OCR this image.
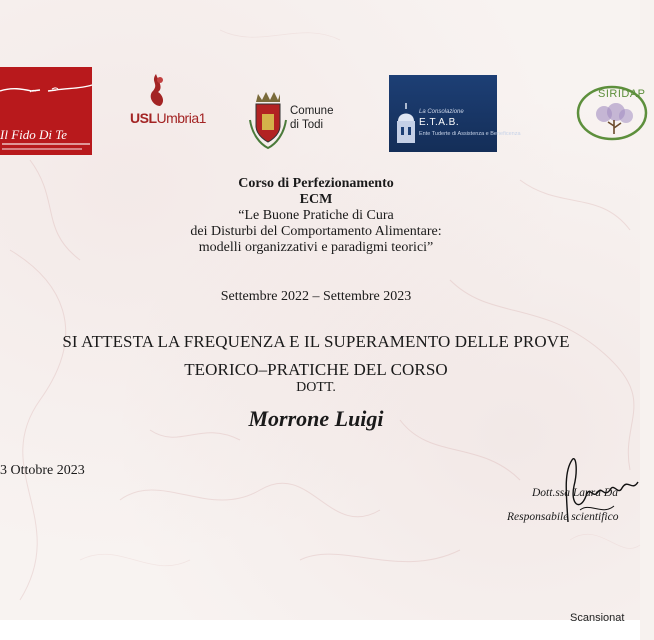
Il Fido Di Te
USLUmbria1	Comune
di Todi
La Consolazione
E.T.A.B.
Ente Tuderte di Assistenza e Beneficenza
SIRIDAP
Corso di Perfezionamento
ECM
“Le Buone Pratiche di Cura
dei Disturbi del Comportamento Alimentare:
modelli organizzativi e paradigmi teorici”
Settembre 2022 – Settembre 2023
SI ATTESTA LA FREQUENZA E IL SUPERAMENTO DELLE PROVE
TEORICO–PRATICHE DEL CORSO
DOTT.
Morrone Luigi
3 Ottobre 2023
Dott.ssa Laura Da
Responsabile scientifico
Scansionat
